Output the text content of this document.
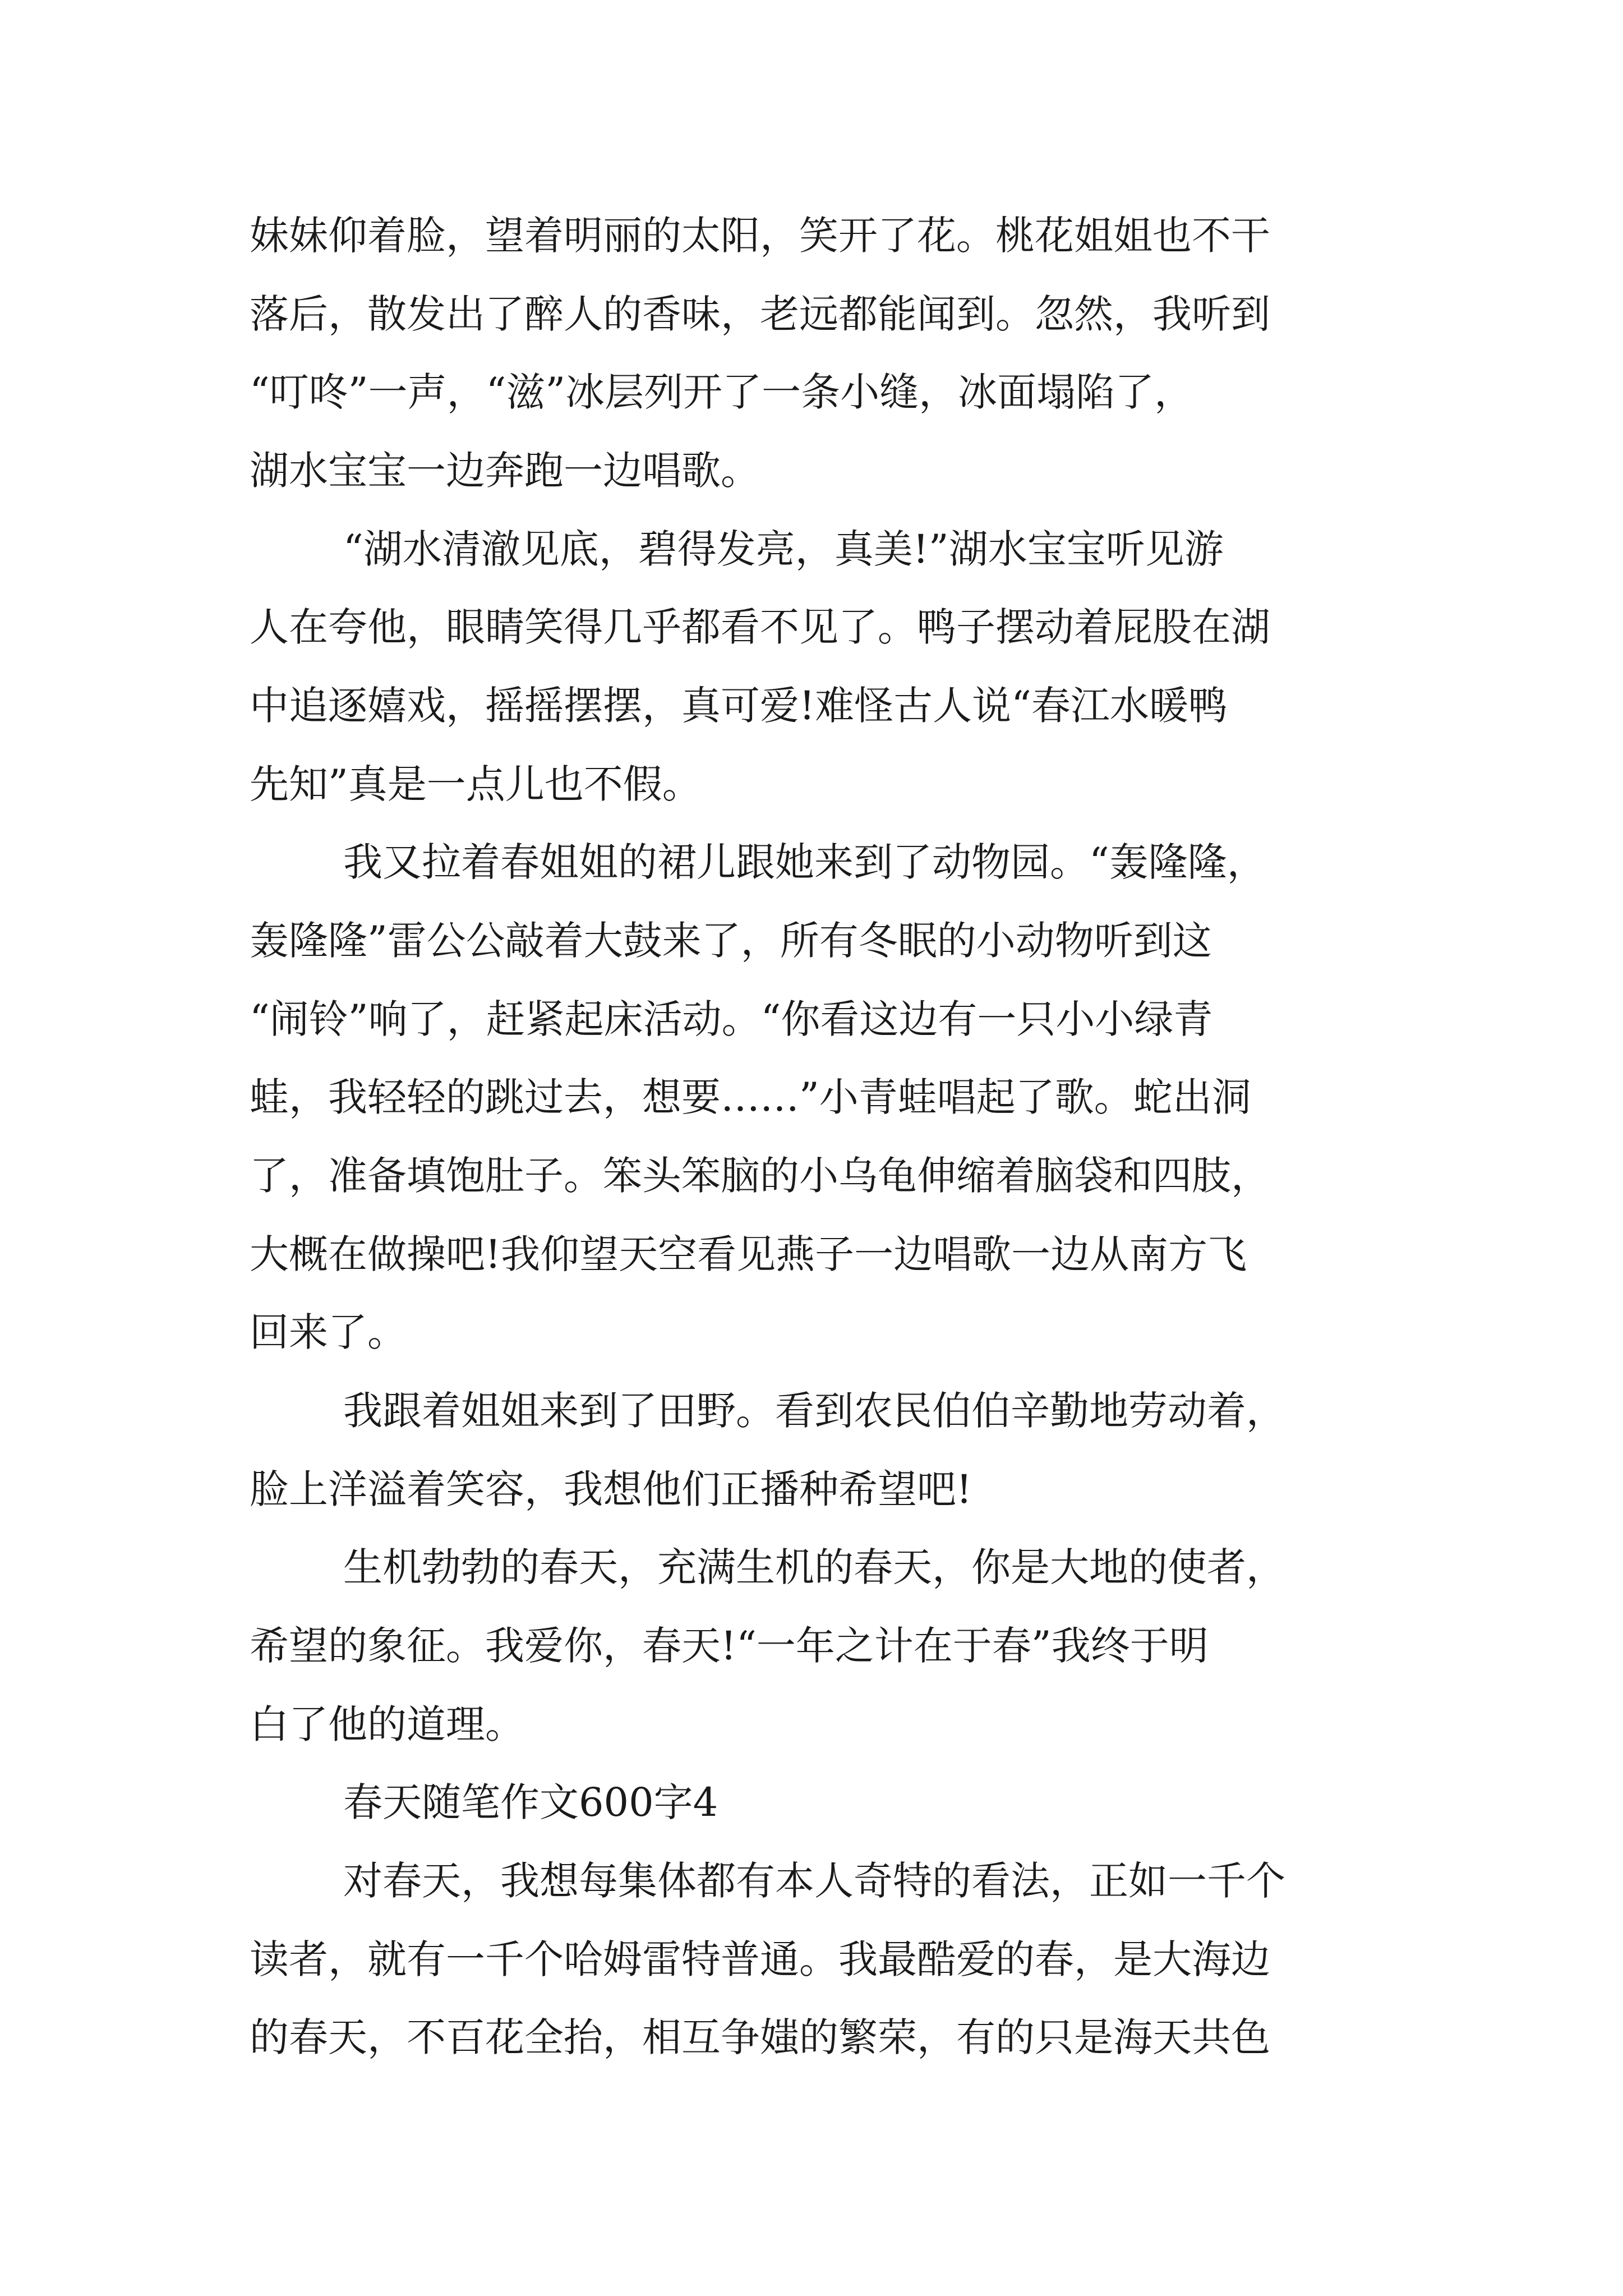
妹妹仰着脸，望着明丽的太阳，笑开了花。桃花姐姐也不干
落后，散发出了醉人的香味，老远都能闻到。忽然，我听到
“叮咚”一声，“滋”冰层列开了一条小缝，冰面塌陷了，
湖水宝宝一边奔跑一边唱歌。
“湖水清澈见底，碧得发亮，真美!”湖水宝宝听见游
人在夸他，眼睛笑得几乎都看不见了。鸭子摆动着屁股在湖
中追逐嬉戏，摇摇摆摆，真可爱!难怪古人说“春江水暖鸭
先知”真是一点儿也不假。
我又拉着春姐姐的裙儿跟她来到了动物园。“轰隆隆，
轰隆隆”雷公公敲着大鼓来了，所有冬眠的小动物听到这
“闹铃”响了，赶紧起床活动。“你看这边有一只小小绿青
蛙，我轻轻的跳过去，想要……”小青蛙唱起了歌。蛇出洞
了，准备填饱肚子。笨头笨脑的小乌龟伸缩着脑袋和四肢，
大概在做操吧!我仰望天空看见燕子一边唱歌一边从南方飞
回来了。
我跟着姐姐来到了田野。看到农民伯伯辛勤地劳动着，
脸上洋溢着笑容，我想他们正播种希望吧!
生机勃勃的春天，充满生机的春天，你是大地的使者，
希望的象征。我爱你，春天!“一年之计在于春”我终于明
白了他的道理。
春天随笔作文600字4
对春天，我想每集体都有本人奇特的看法，正如一千个
读者，就有一千个哈姆雷特普通。我最酷爱的春，是大海边
的春天，不百花全抬，相互争媸的繁荣，有的只是海天共色
